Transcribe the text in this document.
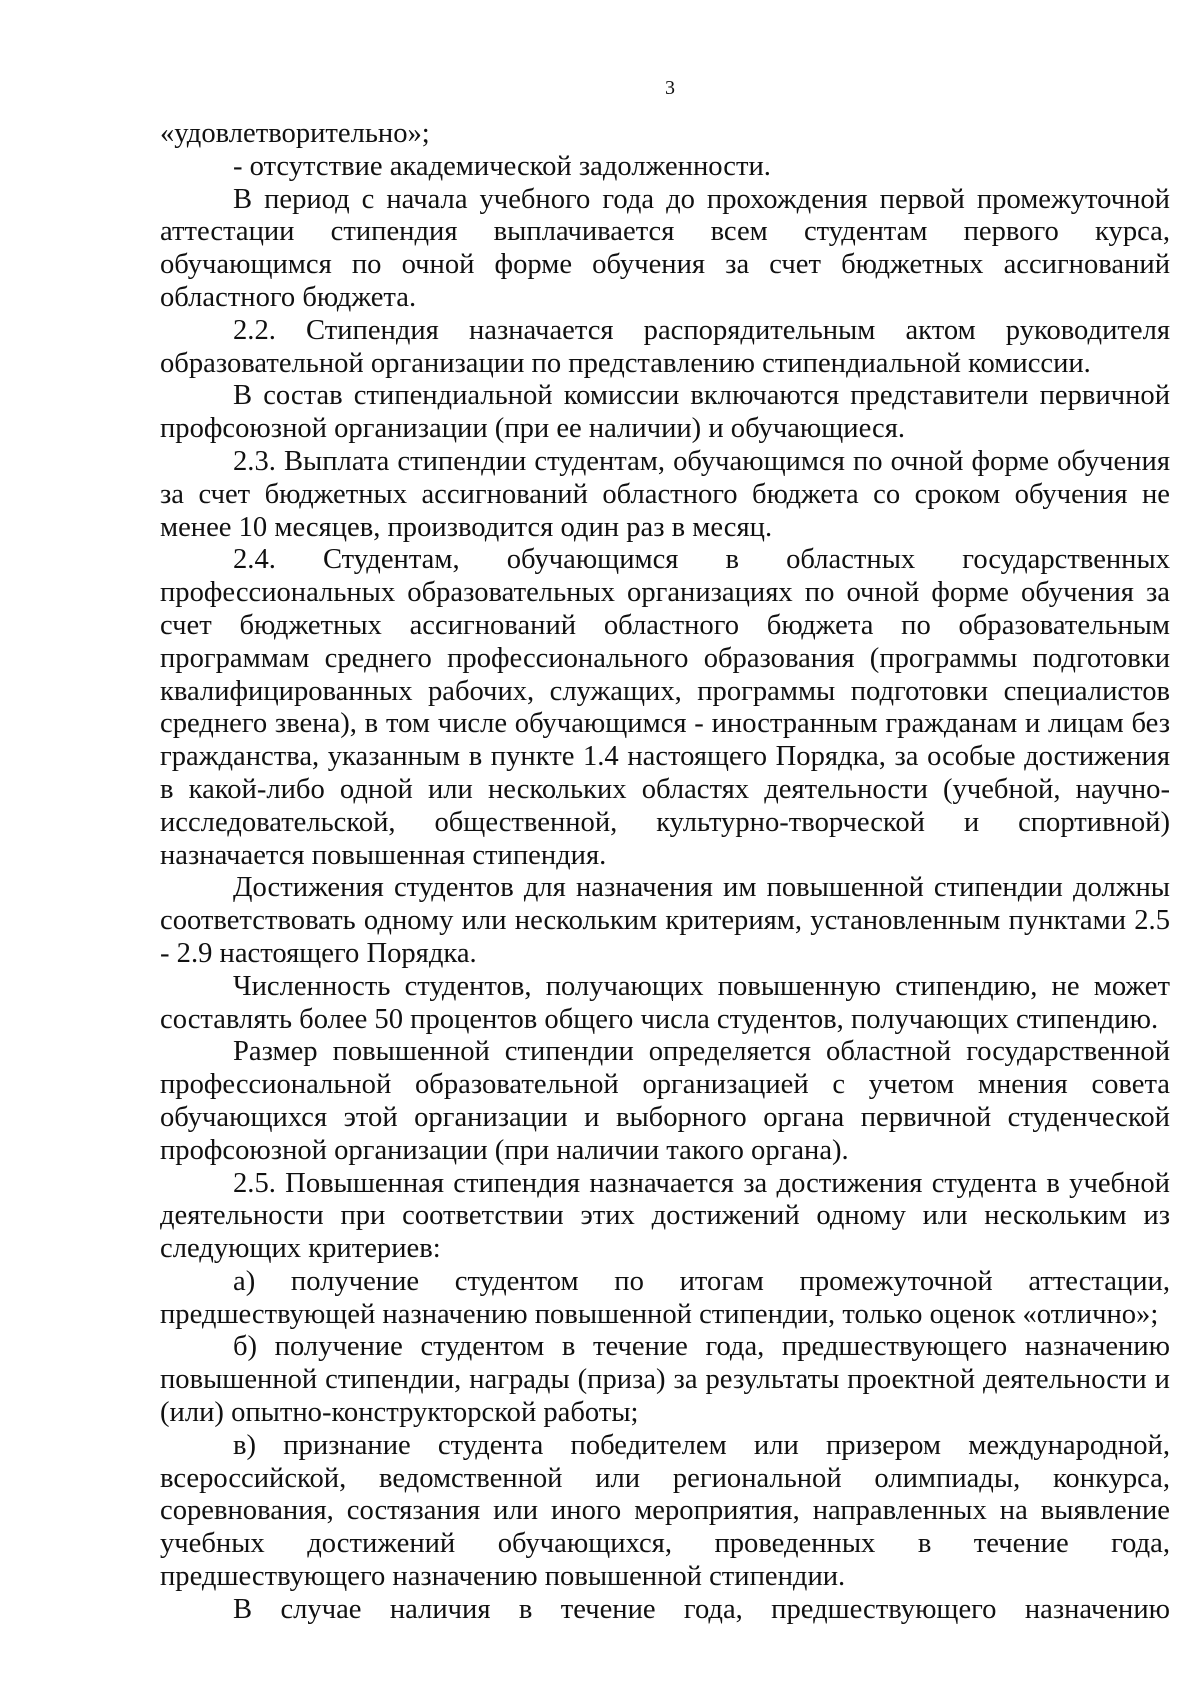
3

«удовлетворительно»;

- отсутствие академической задолженности.

В период с начала учебного года до прохождения первой промежуточной аттестации стипендия выплачивается всем студентам первого курса, обучающимся по очной форме обучения за счет бюджетных ассигнований областного бюджета.

2.2. Стипендия назначается распорядительным актом руководителя образовательной организации по представлению стипендиальной комиссии.

В состав стипендиальной комиссии включаются представители первичной профсоюзной организации (при ее наличии) и обучающиеся.

2.3. Выплата стипендии студентам, обучающимся по очной форме обучения за счет бюджетных ассигнований областного бюджета со сроком обучения не менее 10 месяцев, производится один раз в месяц.

2.4. Студентам, обучающимся в областных государственных профессиональных образовательных организациях по очной форме обучения за счет бюджетных ассигнований областного бюджета по образовательным программам среднего профессионального образования (программы подготовки квалифицированных рабочих, служащих, программы подготовки специалистов среднего звена), в том числе обучающимся - иностранным гражданам и лицам без гражданства, указанным в пункте 1.4 настоящего Порядка, за особые достижения в какой-либо одной или нескольких областях деятельности (учебной, научно-исследовательской, общественной, культурно-творческой и спортивной) назначается повышенная стипендия.

Достижения студентов для назначения им повышенной стипендии должны соответствовать одному или нескольким критериям, установленным пунктами 2.5 - 2.9 настоящего Порядка.

Численность студентов, получающих повышенную стипендию, не может составлять более 50 процентов общего числа студентов, получающих стипендию.

Размер повышенной стипендии определяется областной государственной профессиональной образовательной организацией с учетом мнения совета обучающихся этой организации и выборного органа первичной студенческой профсоюзной организации (при наличии такого органа).

2.5. Повышенная стипендия назначается за достижения студента в учебной деятельности при соответствии этих достижений одному или нескольким из следующих критериев:

а) получение студентом по итогам промежуточной аттестации, предшествующей назначению повышенной стипендии, только оценок «отлично»;

б) получение студентом в течение года, предшествующего назначению повышенной стипендии, награды (приза) за результаты проектной деятельности и (или) опытно-конструкторской работы;

в) признание студента победителем или призером международной, всероссийской, ведомственной или региональной олимпиады, конкурса, соревнования, состязания или иного мероприятия, направленных на выявление учебных достижений обучающихся, проведенных в течение года, предшествующего назначению повышенной стипендии.

В случае наличия в течение года, предшествующего назначению
